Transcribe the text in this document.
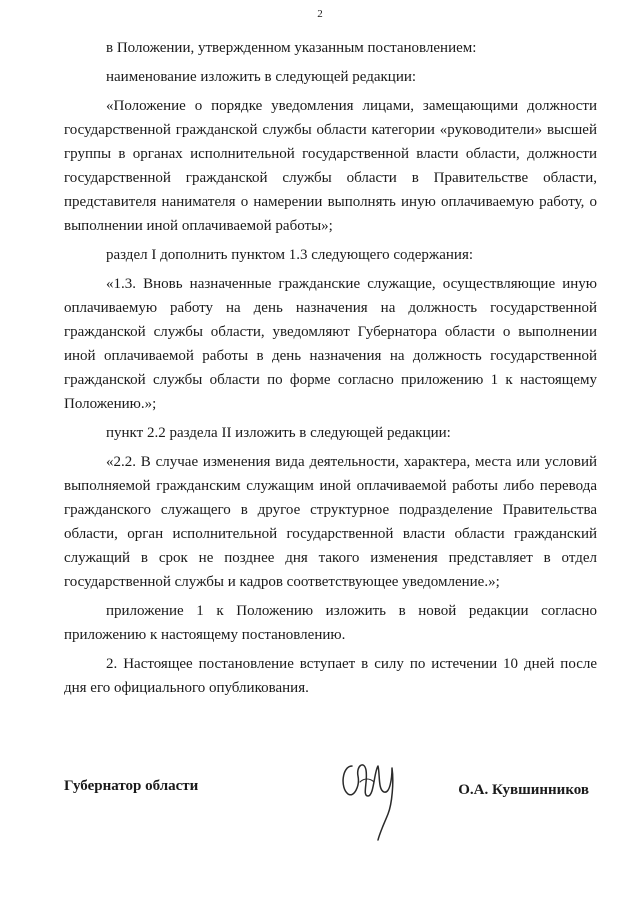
2

в Положении, утвержденном указанным постановлением:

наименование изложить в следующей редакции:

«Положение о порядке уведомления лицами, замещающими должности государственной гражданской службы области категории «руководители» высшей группы в органах исполнительной государственной власти области, должности государственной гражданской службы области в Правительстве области, представителя нанимателя о намерении выполнять иную оплачиваемую работу, о выполнении иной оплачиваемой работы»;

раздел I дополнить пунктом 1.3 следующего содержания:

«1.3. Вновь назначенные гражданские служащие, осуществляющие иную оплачиваемую работу на день назначения на должность государственной гражданской службы области, уведомляют Губернатора области о выполнении иной оплачиваемой работы в день назначения на должность государственной гражданской службы области по форме согласно приложению 1 к настоящему Положению.»;

пункт 2.2 раздела II изложить в следующей редакции:

«2.2. В случае изменения вида деятельности, характера, места или условий выполняемой гражданским служащим иной оплачиваемой работы либо перевода гражданского служащего в другое структурное подразделение Правительства области, орган исполнительной государственной власти области гражданский служащий в срок не позднее дня такого изменения представляет в отдел государственной службы и кадров соответствующее уведомление.»;

приложение 1 к Положению изложить в новой редакции согласно приложению к настоящему постановлению.

2. Настоящее постановление вступает в силу по истечении 10 дней после дня его официального опубликования.

Губернатор области	О.А. Кувшинников
